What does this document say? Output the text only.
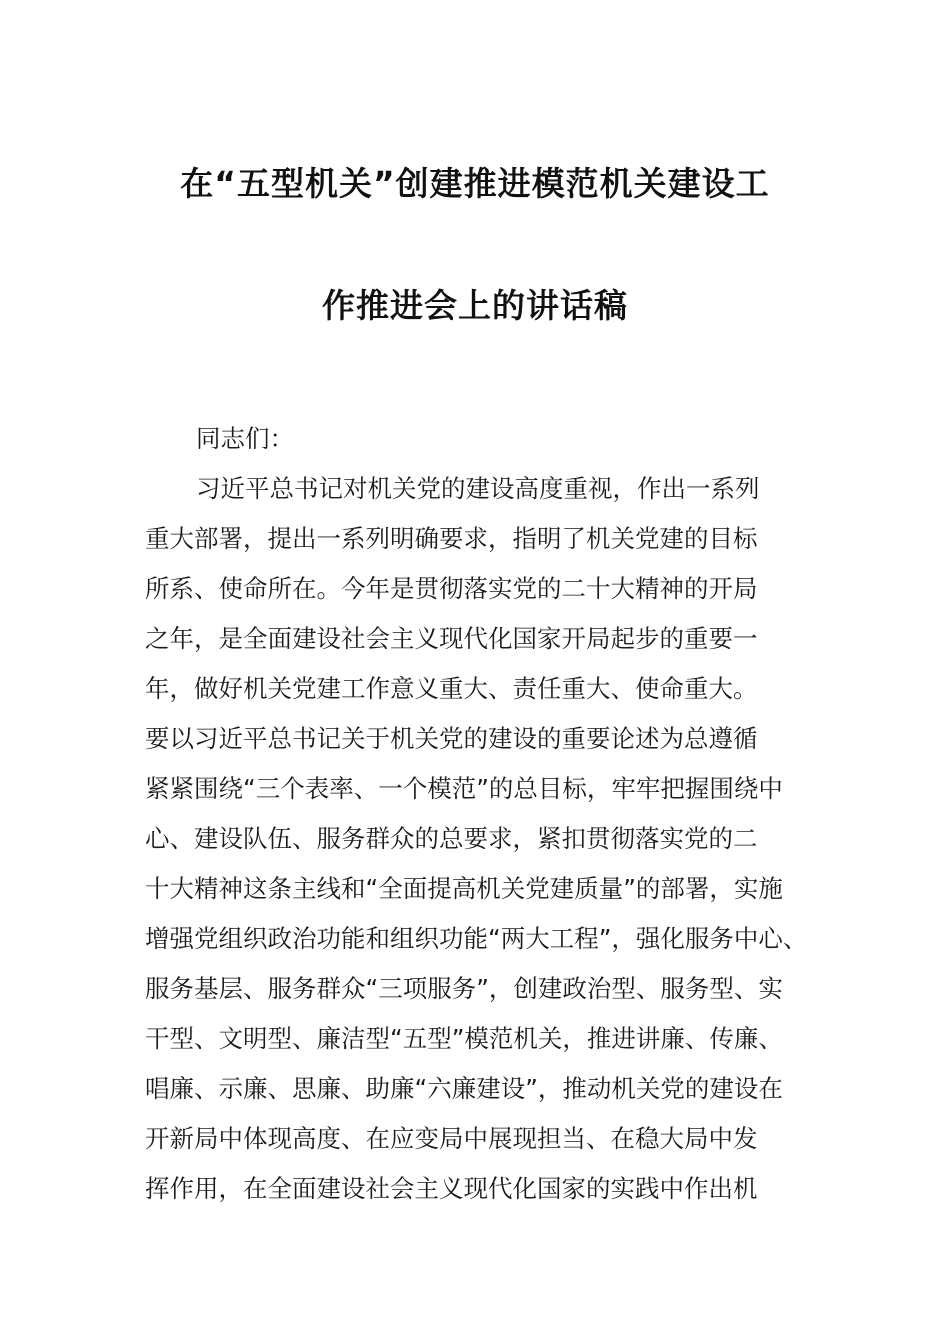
在“五型机关”创建推进模范机关建设工
作推进会上的讲话稿
同志们：
习近平总书记对机关党的建设高度重视，作出一系列
重大部署，提出一系列明确要求，指明了机关党建的目标
所系、使命所在。今年是贯彻落实党的二十大精神的开局
之年，是全面建设社会主义现代化国家开局起步的重要一
年，做好机关党建工作意义重大、责任重大、使命重大。
要以习近平总书记关于机关党的建设的重要论述为总遵循
紧紧围绕“三个表率、一个模范”的总目标，牢牢把握围绕中
心、建设队伍、服务群众的总要求，紧扣贯彻落实党的二
十大精神这条主线和“全面提高机关党建质量”的部署，实施
增强党组织政治功能和组织功能“两大工程”，强化服务中心、
服务基层、服务群众“三项服务”，创建政治型、服务型、实
干型、文明型、廉洁型“五型”模范机关，推进讲廉、传廉、
唱廉、示廉、思廉、助廉“六廉建设”，推动机关党的建设在
开新局中体现高度、在应变局中展现担当、在稳大局中发
挥作用，在全面建设社会主义现代化国家的实践中作出机
